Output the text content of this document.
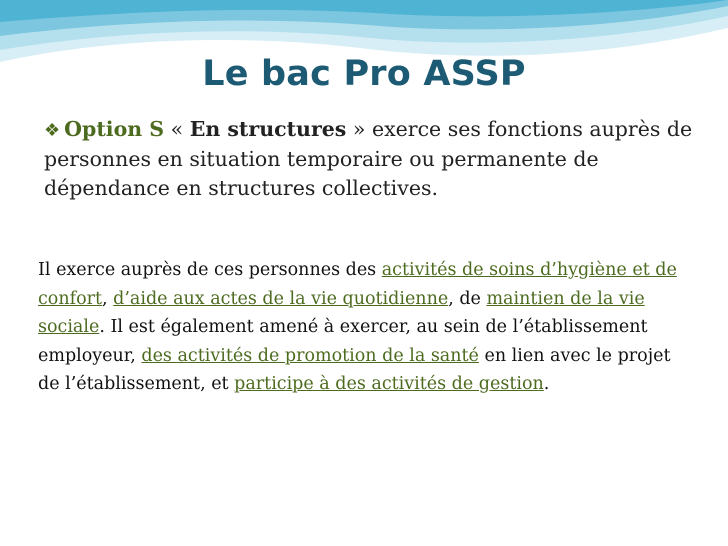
Le bac Pro ASSP
❖ Option S « En structures » exerce ses fonctions auprès de personnes en situation temporaire ou permanente de dépendance en structures collectives.
Il exerce auprès de ces personnes des activités de soins d’hygiène et de confort, d’aide aux actes de la vie quotidienne, de maintien de la vie sociale. Il est également amené à exercer, au sein de l’établissement employeur, des activités de promotion de la santé en lien avec le projet de l’établissement, et participe à des activités de gestion.
